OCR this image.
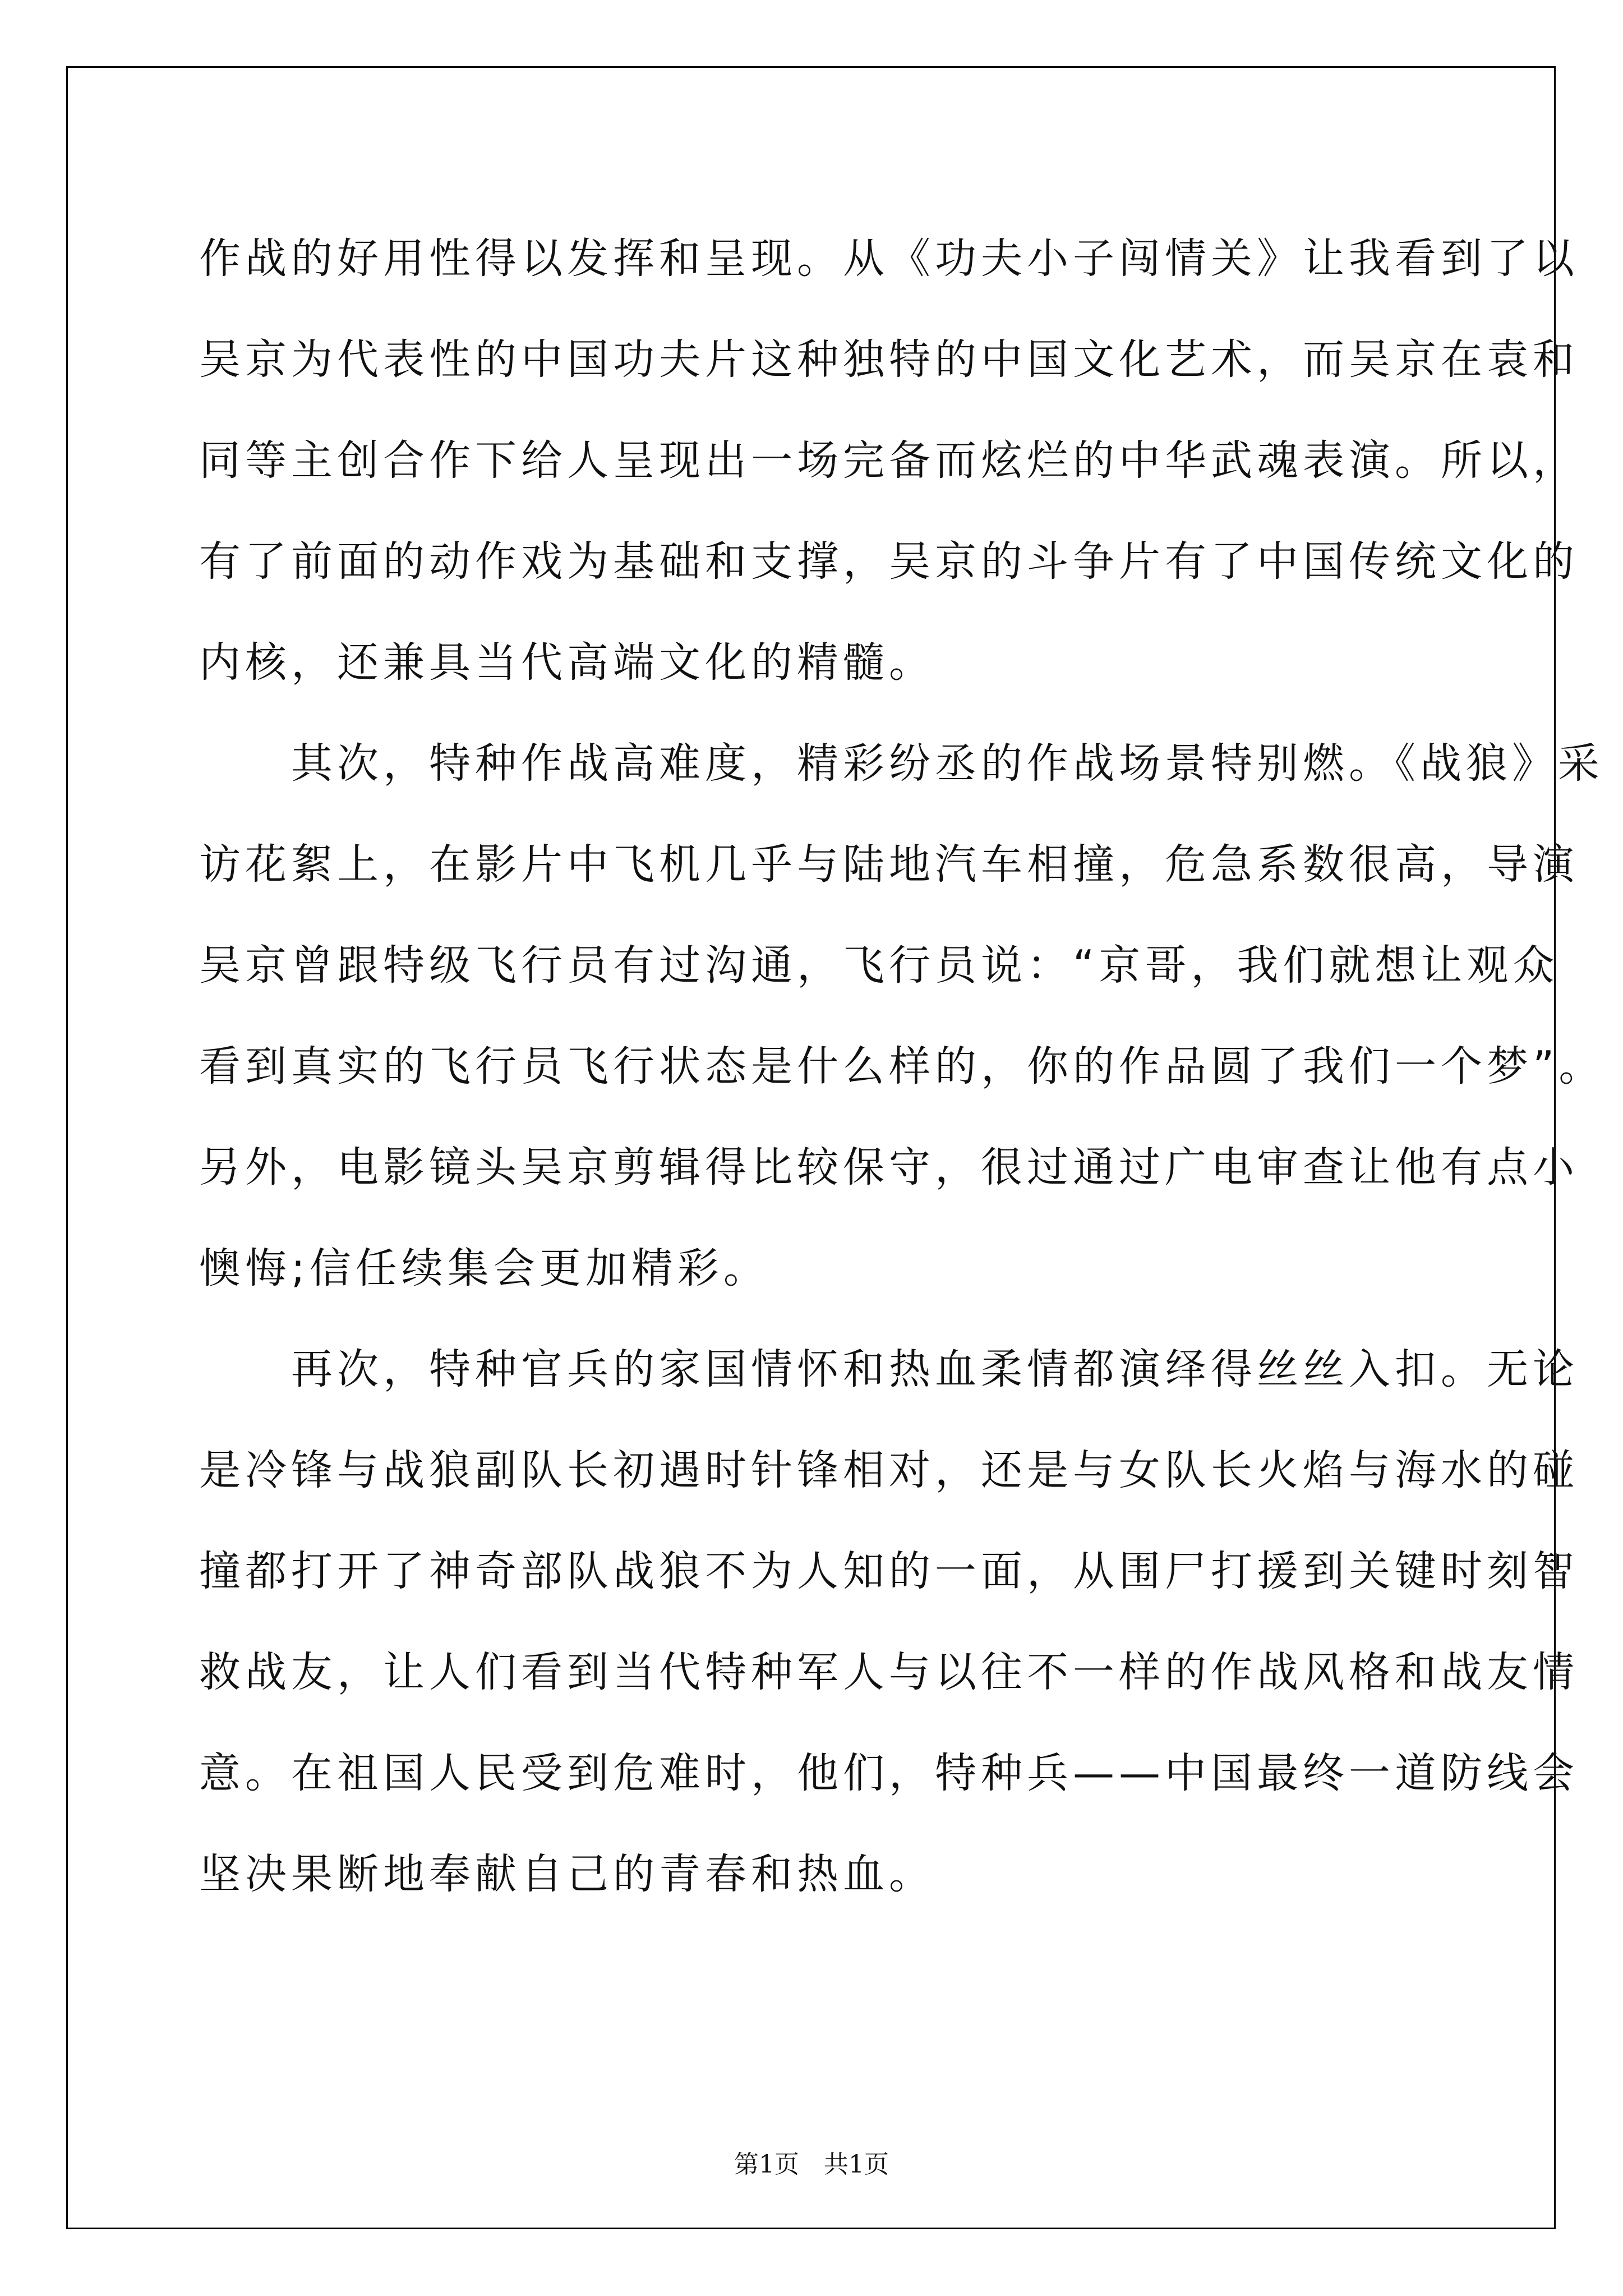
作战的好用性得以发挥和呈现。从《功夫小子闯情关》让我看到了以
吴京为代表性的中国功夫片这种独特的中国文化艺术，而吴京在袁和
同等主创合作下给人呈现出一场完备而炫烂的中华武魂表演。所以，
有了前面的动作戏为基础和支撑，吴京的斗争片有了中国传统文化的
内核，还兼具当代高端文化的精髓。
　　其次，特种作战高难度，精彩纷丞的作战场景特别燃。《战狼》采
访花絮上，在影片中飞机几乎与陆地汽车相撞，危急系数很高，导演
吴京曾跟特级飞行员有过沟通，飞行员说：“京哥，我们就想让观众
看到真实的飞行员飞行状态是什么样的，你的作品圆了我们一个梦”。
另外，电影镜头吴京剪辑得比较保守，很过通过广电审查让他有点小
懊悔;信任续集会更加精彩。
　　再次，特种官兵的家国情怀和热血柔情都演绎得丝丝入扣。无论
是冷锋与战狼副队长初遇时针锋相对，还是与女队长火焰与海水的碰
撞都打开了神奇部队战狼不为人知的一面，从围尸打援到关键时刻智
救战友，让人们看到当代特种军人与以往不一样的作战风格和战友情
意。在祖国人民受到危难时，他们，特种兵——中国最终一道防线会
坚决果断地奉献自己的青春和热血。
第1页　共1页
